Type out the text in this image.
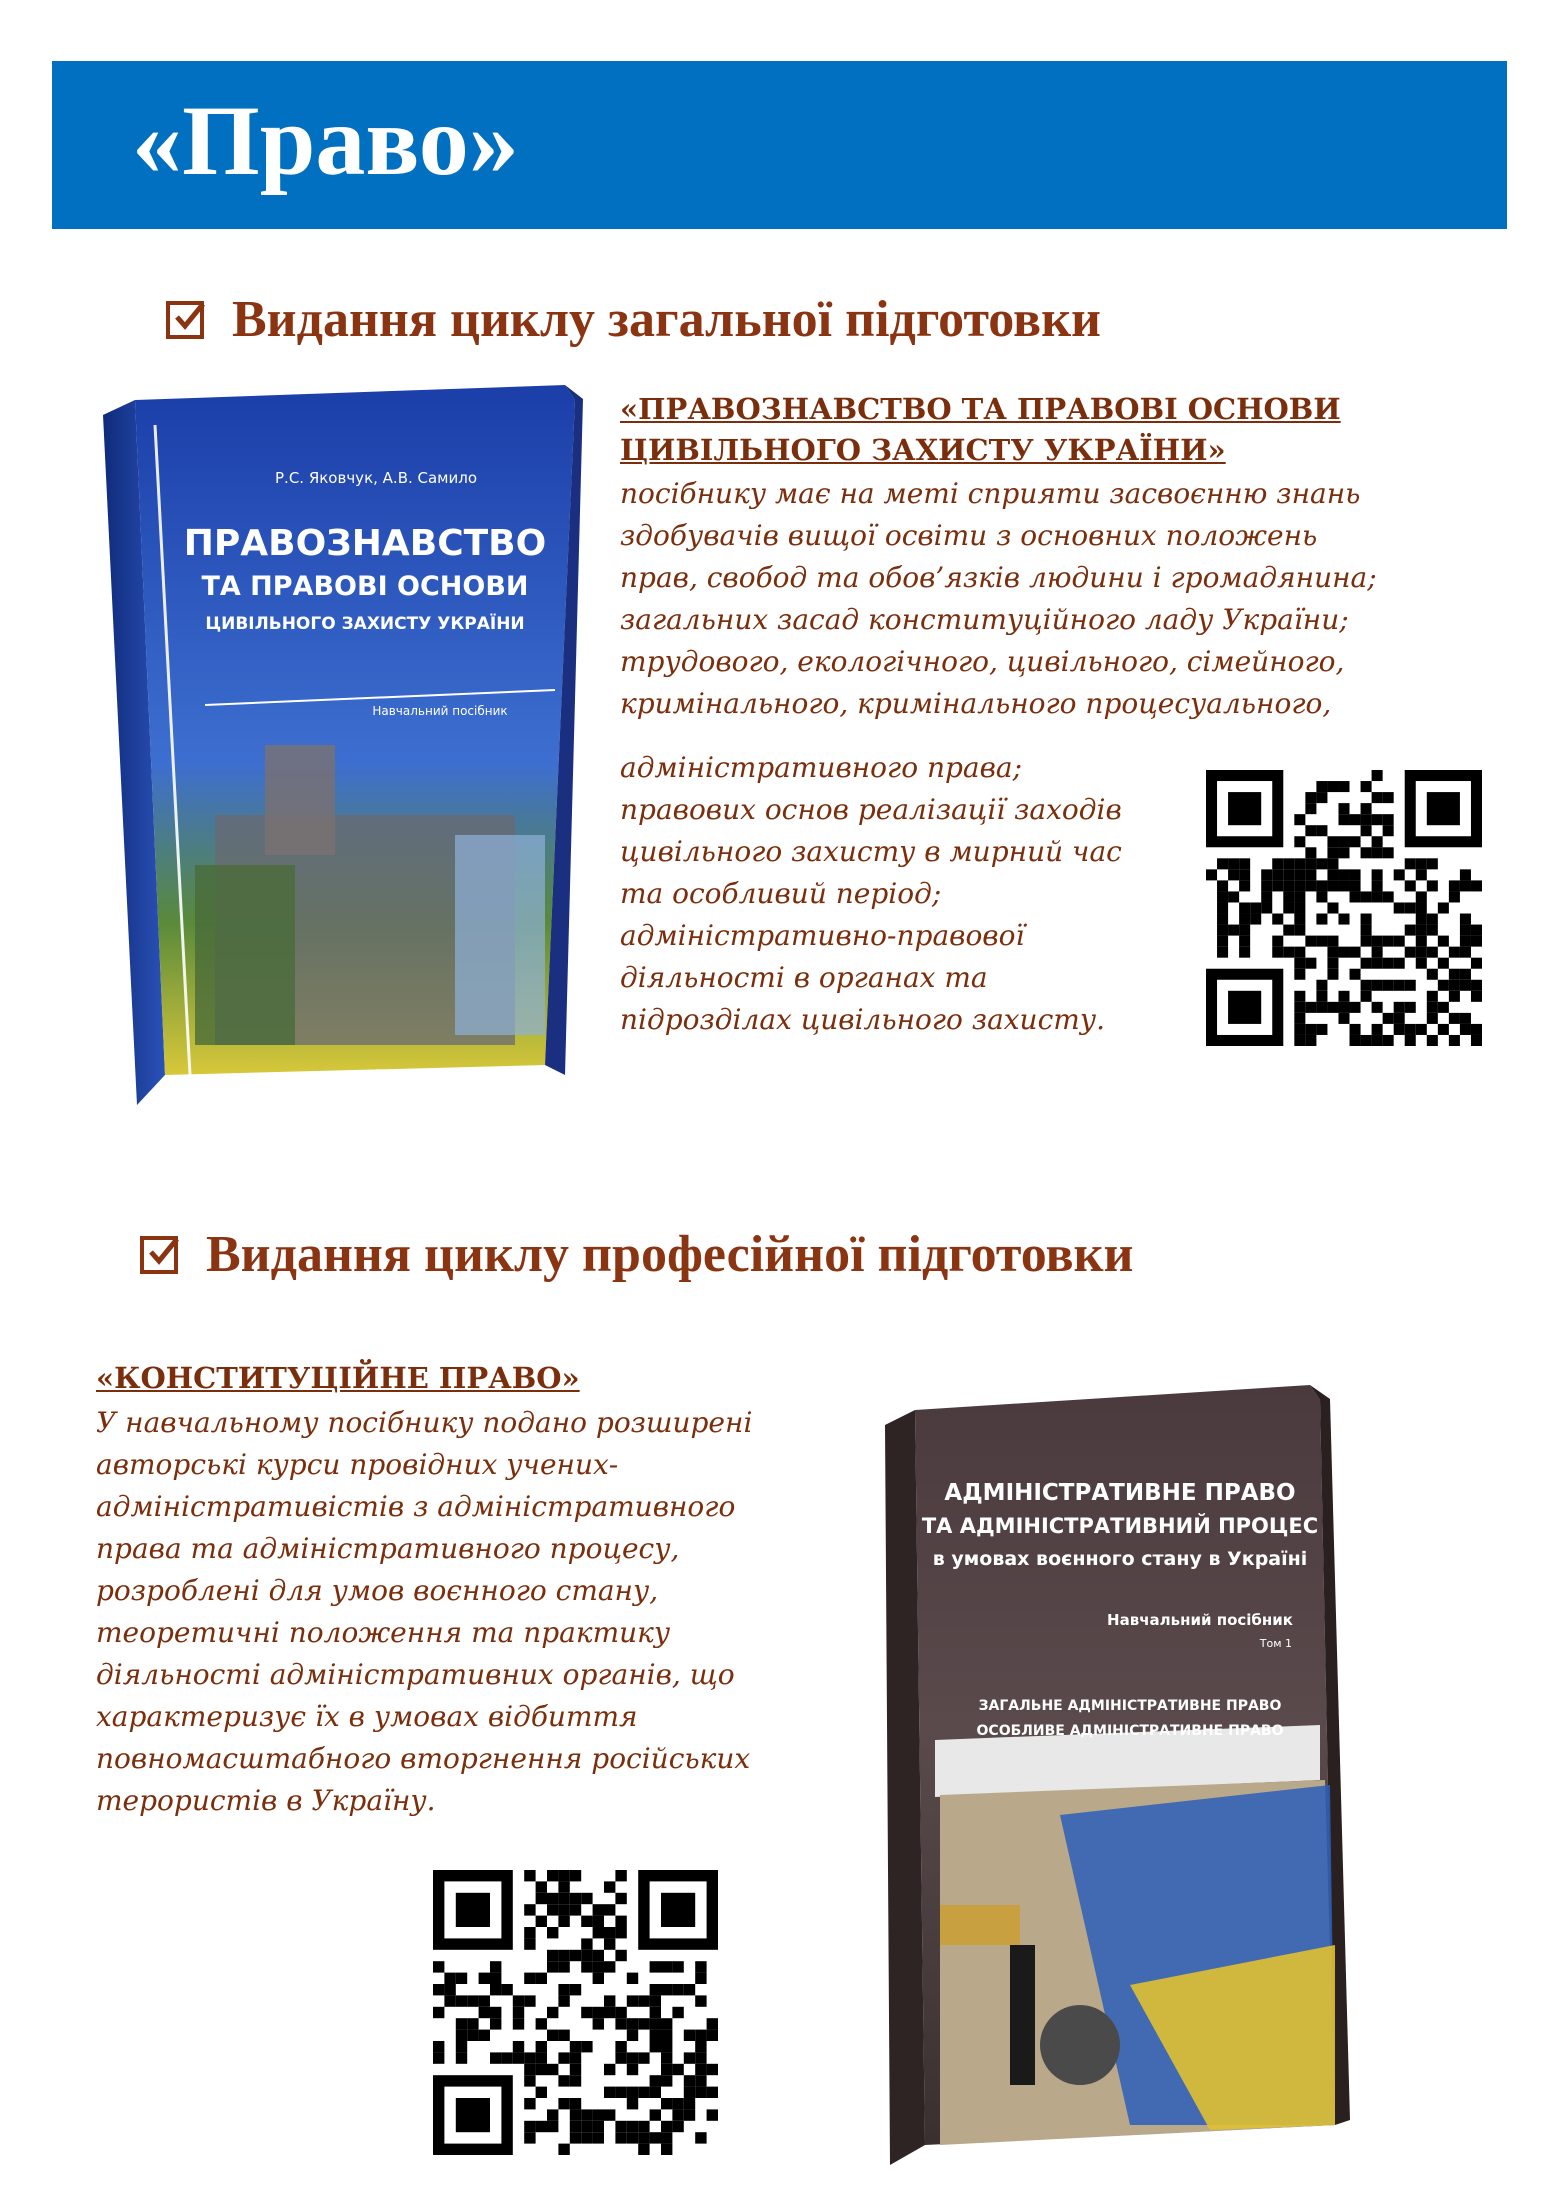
«Право»
Видання циклу загальної підготовки
Р.С. Яковчук, А.В. Самило
ПРАВОЗНАВСТВО
ТА ПРАВОВІ ОСНОВИ
ЦИВІЛЬНОГО ЗАХИСТУ УКРАЇНИ
Навчальний посібник

«ПРАВОЗНАВСТВО ТА ПРАВОВІ ОСНОВИ
ЦИВІЛЬНОГО ЗАХИСТУ УКРАЇНИ»

посібнику має на меті сприяти засвоєнню знань
здобувачів вищої освіти з основних положень
прав, свобод та обов’язків людини і громадянина;
загальних засад конституційного ладу України;
трудового, екологічного, цивільного, сімейного,
кримінального, кримінального процесуального,

адміністративного права;
правових основ реалізації заходів
цивільного захисту в мирний час
та особливий період;
адміністративно-правової
діяльності в органах та
підрозділах цивільного захисту.

Видання циклу професійної підготовки

«КОНСТИТУЦІЙНЕ ПРАВО»

У навчальному посібнику подано розширені
авторські курси провідних учених-
адміністративістів з адміністративного
права та адміністративного процесу,
розроблені для умов воєнного стану,
теоретичні положення та практику
діяльності адміністративних органів, що
характеризує їх в умовах відбиття
повномасштабного вторгнення російських
терористів в Україну.

АДМІНІСТРАТИВНЕ ПРАВО
ТА АДМІНІСТРАТИВНИЙ ПРОЦЕС
в умовах воєнного стану в Україні
Навчальний посібник
Том 1
ЗАГАЛЬНЕ АДМІНІСТРАТИВНЕ ПРАВО
ОСОБЛИВЕ АДМІНІСТРАТИВНЕ ПРАВО
